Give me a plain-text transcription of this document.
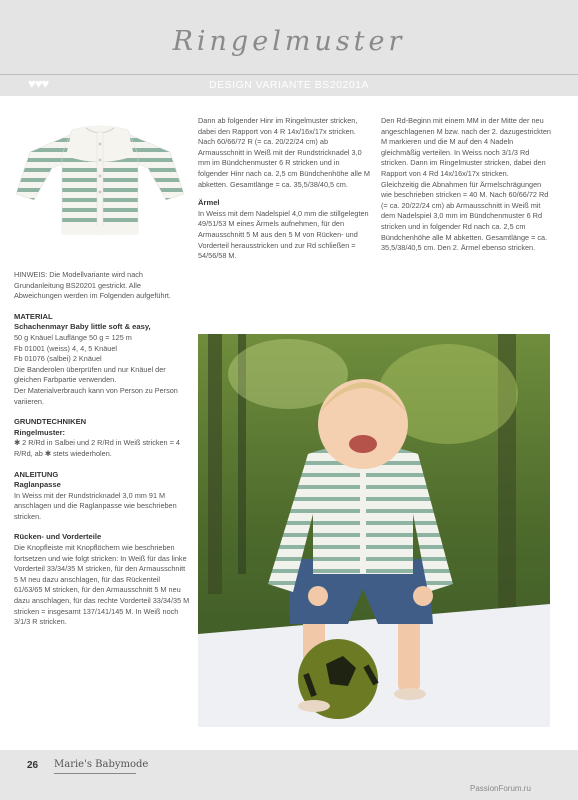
Ringelmuster
♥♥♥	DESIGN VARIANTE BS20201A

HINWEIS: Die Modellvariante wird nach Grundanleitung BS20201 gestrickt. Alle Abweichungen werden im Folgenden aufgeführt.

MATERIAL

Schachenmayr Baby little soft & easy,

50 g Knäuel Lauflänge 50 g = 125 m

Fb 01001 (weiss) 4, 4, 5 Knäuel

Fb 01076 (salbei) 2 Knäuel

Die Banderolen überprüfen und nur Knäuel der gleichen Farbpartie verwenden.

Der Materialverbrauch kann von Person zu Person variieren.

GRUNDTECHNIKEN

Ringelmuster:

✱ 2 R/Rd in Salbei und 2 R/Rd in Weiß stricken = 4 R/Rd, ab ✱ stets wiederholen.

ANLEITUNG

Raglanpasse

In Weiss mit der Rundstricknadel 3,0 mm 91 M anschlagen und die Raglanpasse wie beschrieben stricken.

Rücken- und Vorderteile

Die Knopfleiste mit Knopflöchern wie beschrieben fortsetzen und wie folgt stricken: In Weiß für das linke Vorderteil 33/34/35 M stricken, für den Armausschnitt 5 M neu dazu anschlagen, für das Rückenteil 61/63/65 M stricken, für den Armausschnitt 5 M neu dazu anschlagen, für das rechte Vorderteil 33/34/35 M stricken = insgesamt 137/141/145 M. In Weiß noch 3/1/3 R stricken.

Dann ab folgender Hinr im Ringelmuster stricken, dabei den Rapport von 4 R 14x/16x/17x stricken. Nach 60/66/72 R (= ca. 20/22/24 cm) ab Armausschnitt in Weiß mit der Rundstricknadel 3,0 mm im Bündchenmuster 6 R stricken und in folgender Hinr nach ca. 2,5 cm Bündchenhöhe alle M abketten. Gesamtlänge = ca. 35,5/38/40,5 cm.

Ärmel

In Weiss mit dem Nadelspiel 4,0 mm die stillgelegten 49/51/53 M eines Ärmels aufnehmen, für den Armausschnitt 5 M aus den 5 M von Rücken- und Vorderteil herausstricken und zur Rd schließen = 54/56/58 M.

Den Rd-Beginn mit einem MM in der Mitte der neu angeschlagenen M bzw. nach der 2. dazugestrickten M markieren und die M auf den 4 Nadeln gleichmäßig verteilen. In Weiss noch 3/1/3 Rd stricken. Dann im Ringelmuster stricken, dabei den Rapport von 4 Rd 14x/16x/17x stricken.

Gleichzeitig die Abnahmen für Ärmelschrägungen wie beschrieben stricken = 40 M. Nach 60/66/72 Rd (= ca. 20/22/24 cm) ab Armausschnitt in Weiß mit dem Nadelspiel 3,0 mm im Bündchenmuster 6 Rd stricken und in folgender Rd nach ca. 2,5 cm Bündchenhöhe alle M abketten. Gesamtlänge = ca. 35,5/38/40,5 cm. Den 2. Ärmel ebenso stricken.

26 Marie's Babymode
PassionForum.ru
